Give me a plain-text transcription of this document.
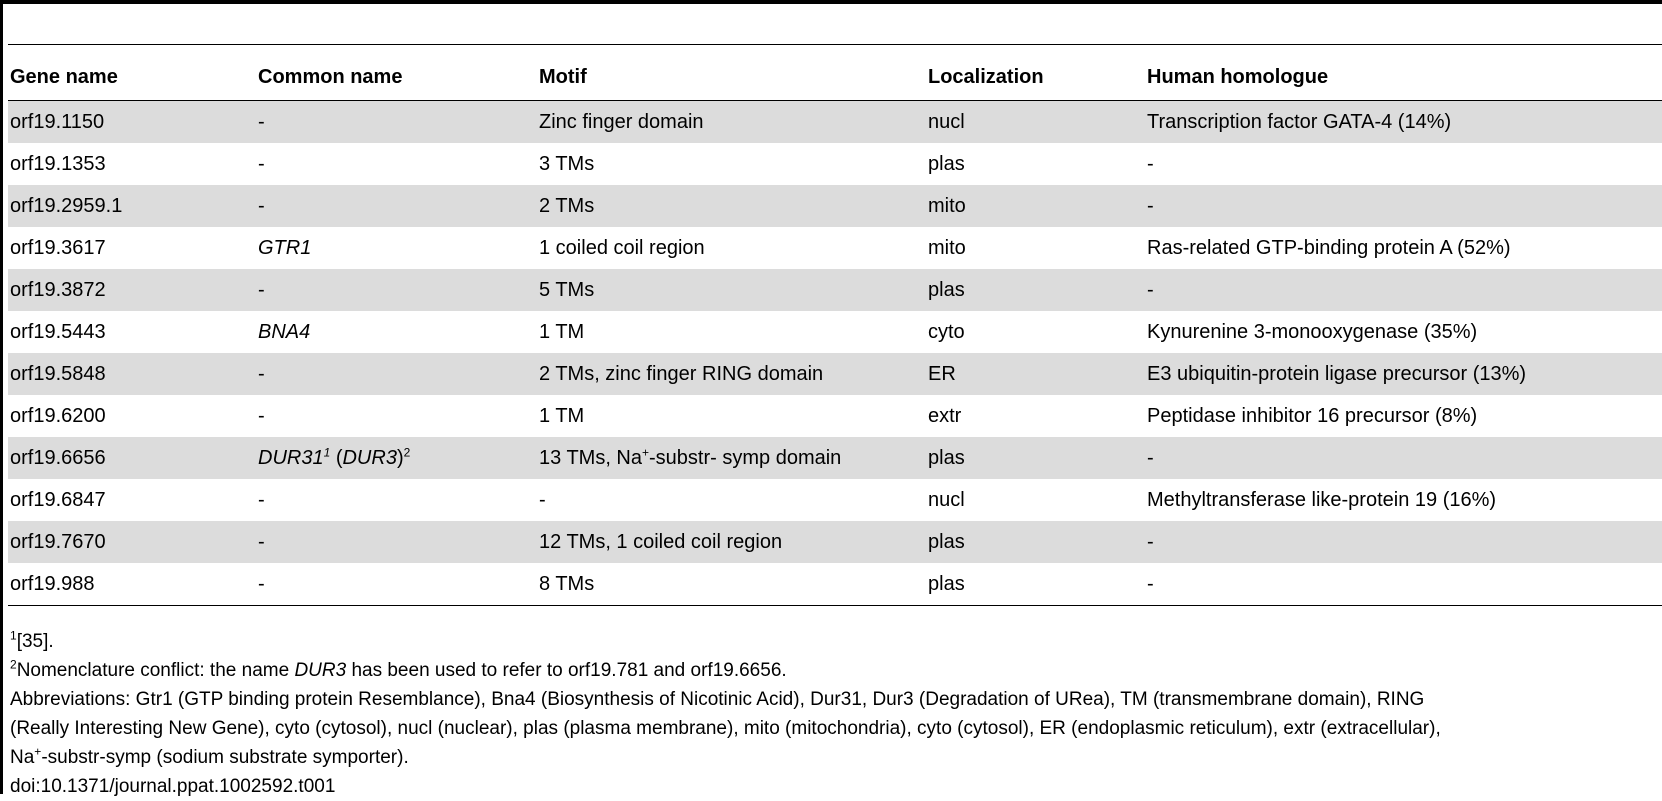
Gene name	Common name	Motif	Localization	Human homologue
orf19.1150	-	Zinc finger domain	nucl	Transcription factor GATA-4 (14%)
orf19.1353	-	3 TMs	plas	-
orf19.2959.1	-	2 TMs	mito	-
orf19.3617	GTR1	1 coiled coil region	mito	Ras-related GTP-binding protein A (52%)
orf19.3872	-	5 TMs	plas	-
orf19.5443	BNA4	1 TM	cyto	Kynurenine 3-monooxygenase (35%)
orf19.5848	-	2 TMs, zinc finger RING domain	ER	E3 ubiquitin-protein ligase precursor (13%)
orf19.6200	-	1 TM	extr	Peptidase inhibitor 16 precursor (8%)
orf19.6656	$DUR31^1$ $(DUR3)^2$	13 TMs, Na+-substr- symp domain	plas	-
orf19.6847	-	-	nucl	Methyltransferase like-protein 19 (16%)
orf19.7670	-	12 TMs, 1 coiled coil region	plas	-
orf19.988	-	8 TMs	plas	-

$^1$[35].

$^2$Nomenclature conflict: the name DUR3 has been used to refer to orf19.781 and orf19.6656.

Abbreviations: Gtr1 (GTP binding protein Resemblance), Bna4 (Biosynthesis of Nicotinic Acid), Dur31, Dur3 (Degradation of URea), TM (transmembrane domain), RING

(Really Interesting New Gene), cyto (cytosol), nucl (nuclear), plas (plasma membrane), mito (mitochondria), cyto (cytosol), ER (endoplasmic reticulum), extr (extracellular),

Na+-substr-symp (sodium substrate symporter).

doi:10.1371/journal.ppat.1002592.t001
